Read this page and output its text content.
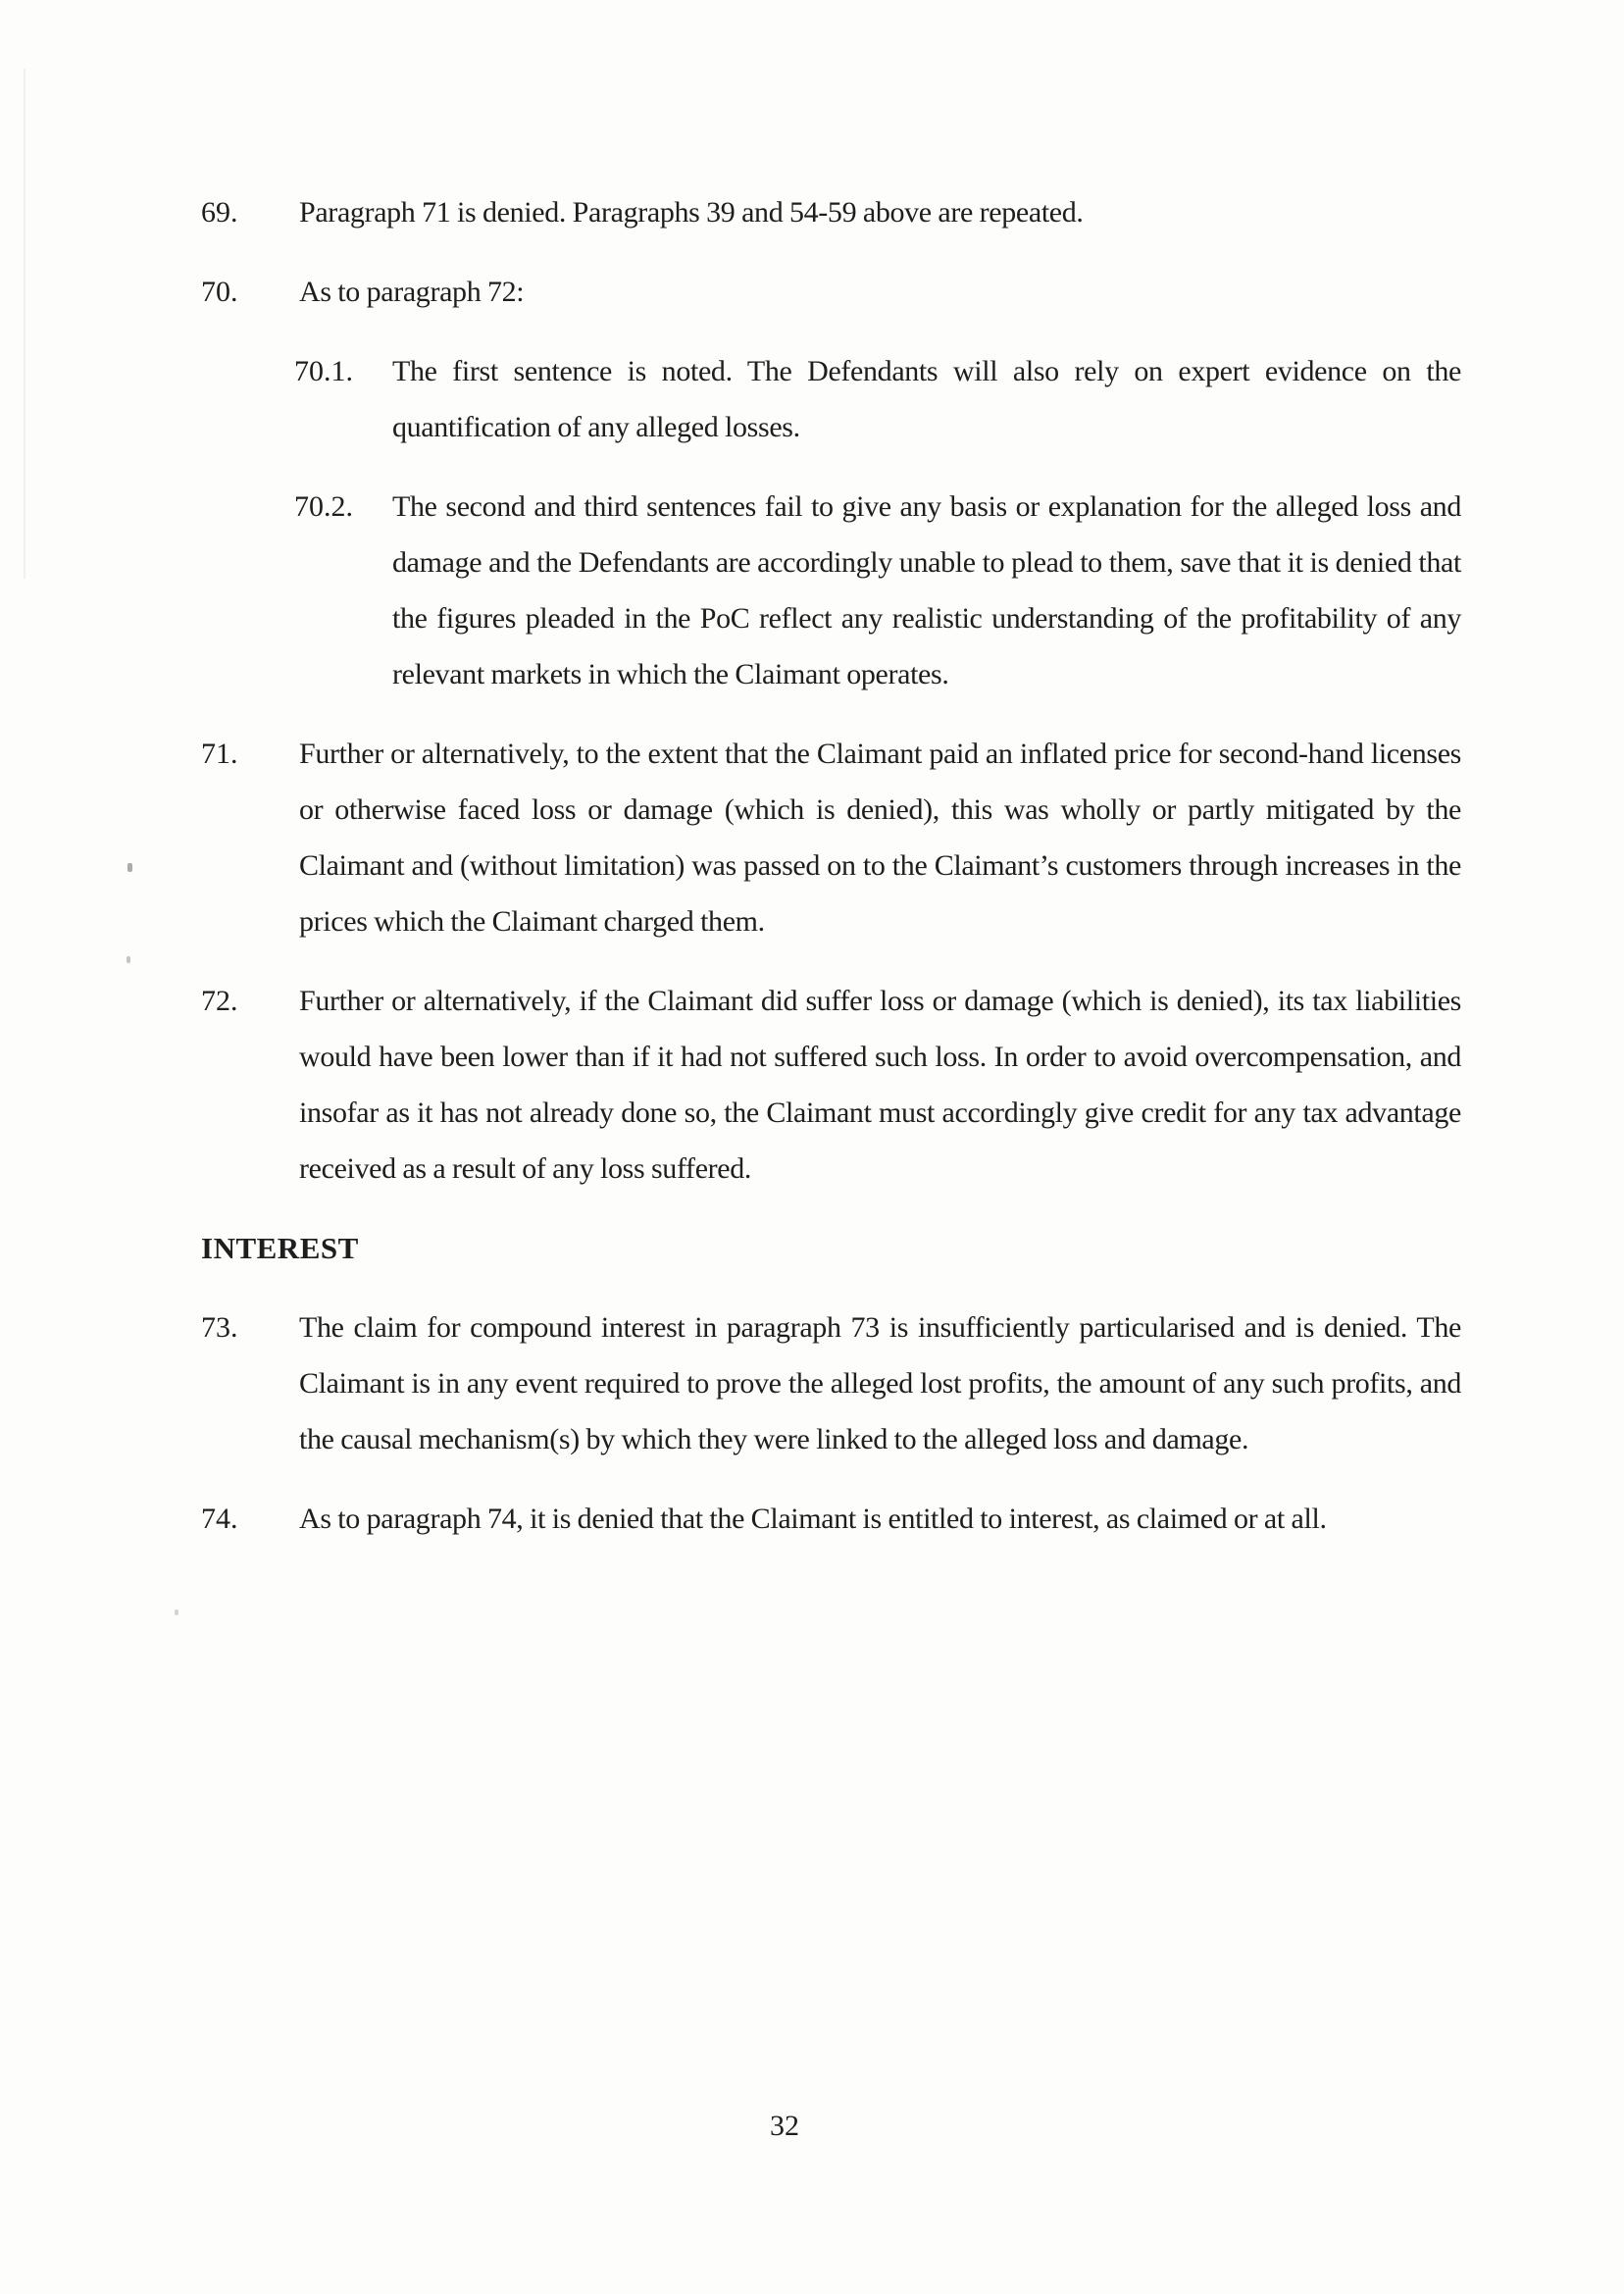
69.	Paragraph 71 is denied. Paragraphs 39 and 54-59 above are repeated.

70.	As to paragraph 72:

70.1.	The first sentence is noted. The Defendants will also rely on expert evidence on the quantification of any alleged losses.

70.2.	The second and third sentences fail to give any basis or explanation for the alleged loss and damage and the Defendants are accordingly unable to plead to them, save that it is denied that the figures pleaded in the PoC reflect any realistic understanding of the profitability of any relevant markets in which the Claimant operates.

71.	Further or alternatively, to the extent that the Claimant paid an inflated price for second-hand licenses or otherwise faced loss or damage (which is denied), this was wholly or partly mitigated by the Claimant and (without limitation) was passed on to the Claimant’s customers through increases in the prices which the Claimant charged them.

72.	Further or alternatively, if the Claimant did suffer loss or damage (which is denied), its tax liabilities would have been lower than if it had not suffered such loss. In order to avoid overcompensation, and insofar as it has not already done so, the Claimant must accordingly give credit for any tax advantage received as a result of any loss suffered.

INTEREST
73.	The claim for compound interest in paragraph 73 is insufficiently particularised and is denied. The Claimant is in any event required to prove the alleged lost profits, the amount of any such profits, and the causal mechanism(s) by which they were linked to the alleged loss and damage.

74.	As to paragraph 74, it is denied that the Claimant is entitled to interest, as claimed or at all.

32
